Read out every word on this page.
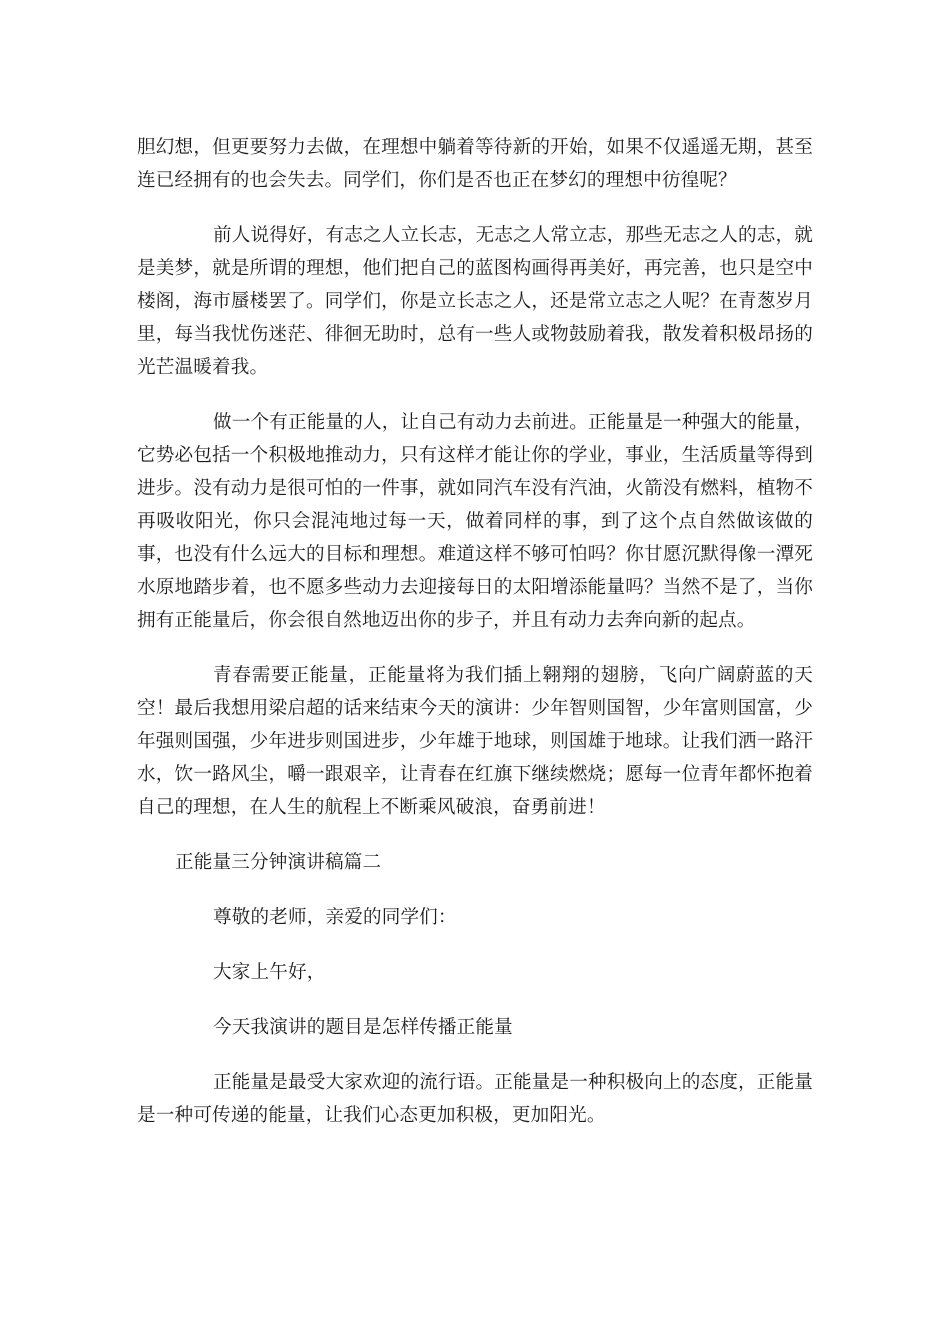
胆幻想，但更要努力去做，在理想中躺着等待新的开始，如果不仅遥遥无期，甚至连已经拥有的也会失去。同学们，你们是否也正在梦幻的理想中彷徨呢？

前人说得好，有志之人立长志，无志之人常立志，那些无志之人的志，就是美梦，就是所谓的理想，他们把自己的蓝图构画得再美好，再完善，也只是空中楼阁，海市蜃楼罢了。同学们，你是立长志之人，还是常立志之人呢？在青葱岁月里，每当我忧伤迷茫、徘徊无助时，总有一些人或物鼓励着我，散发着积极昂扬的光芒温暖着我。

做一个有正能量的人，让自己有动力去前进。正能量是一种强大的能量，它势必包括一个积极地推动力，只有这样才能让你的学业，事业，生活质量等得到进步。没有动力是很可怕的一件事，就如同汽车没有汽油，火箭没有燃料，植物不再吸收阳光，你只会混沌地过每一天，做着同样的事，到了这个点自然做该做的事，也没有什么远大的目标和理想。难道这样不够可怕吗？你甘愿沉默得像一潭死水原地踏步着，也不愿多些动力去迎接每日的太阳增添能量吗？当然不是了，当你拥有正能量后，你会很自然地迈出你的步子，并且有动力去奔向新的起点。

青春需要正能量，正能量将为我们插上翱翔的翅膀，飞向广阔蔚蓝的天空！最后我想用梁启超的话来结束今天的演讲：少年智则国智，少年富则国富，少年强则国强，少年进步则国进步，少年雄于地球，则国雄于地球。让我们洒一路汗水，饮一路风尘，嚼一跟艰辛，让青春在红旗下继续燃烧；愿每一位青年都怀抱着自己的理想，在人生的航程上不断乘风破浪，奋勇前进！

正能量三分钟演讲稿篇二

尊敬的老师，亲爱的同学们：

大家上午好，

今天我演讲的题目是怎样传播正能量

正能量是最受大家欢迎的流行语。正能量是一种积极向上的态度，正能量是一种可传递的能量，让我们心态更加积极，更加阳光。
